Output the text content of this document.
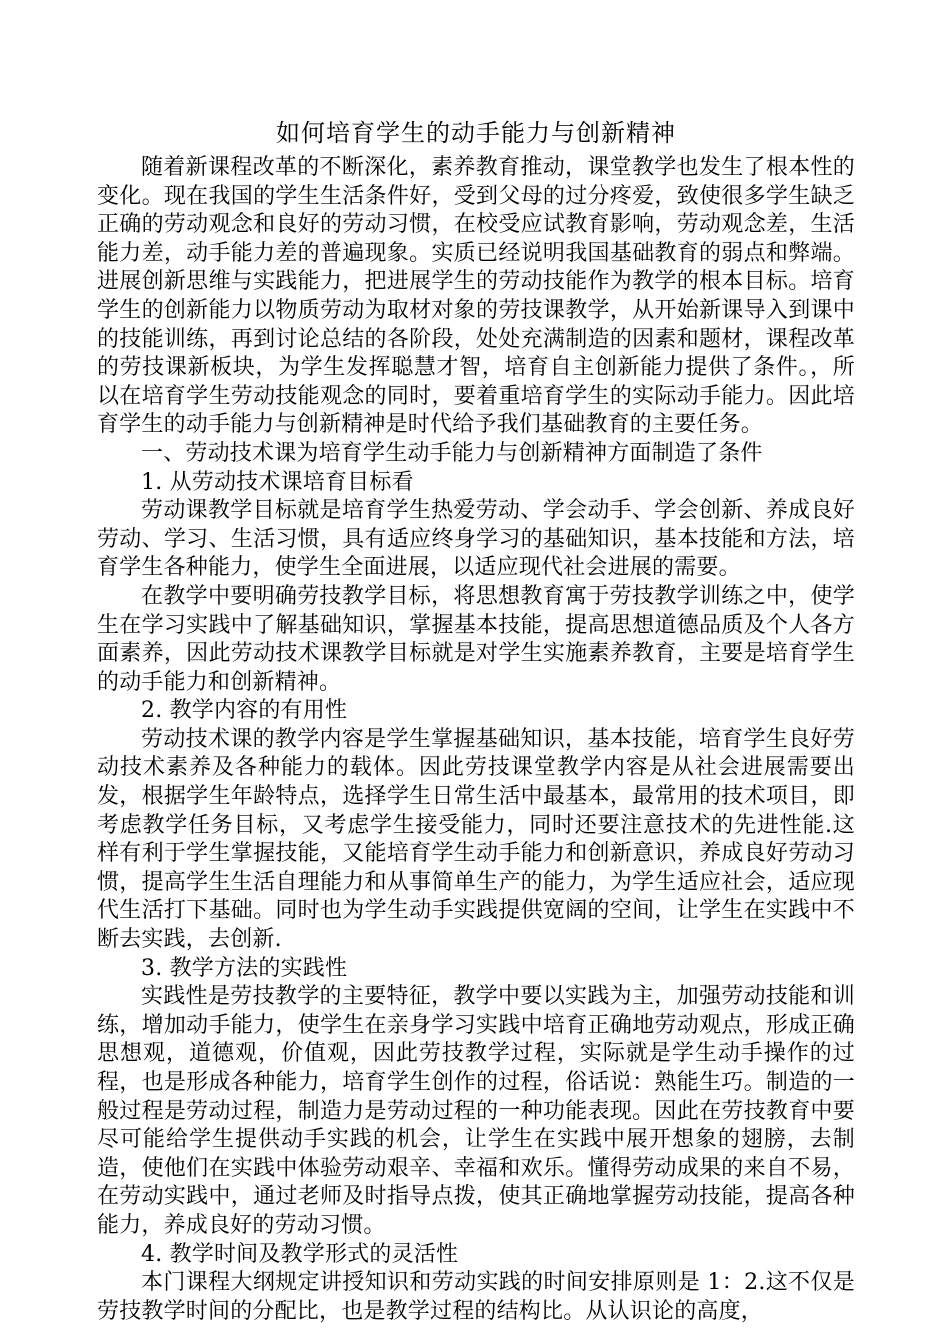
如何培育学生的动手能力与创新精神

随着新课程改革的不断深化，素养教育推动，课堂教学也发生了根本性的变化。现在我国的学生生活条件好，受到父母的过分疼爱，致使很多学生缺乏正确的劳动观念和良好的劳动习惯，在校受应试教育影响，劳动观念差，生活能力差，动手能力差的普遍现象。实质已经说明我国基础教育的弱点和弊端。进展创新思维与实践能力，把进展学生的劳动技能作为教学的根本目标。培育学生的创新能力以物质劳动为取材对象的劳技课教学，从开始新课导入到课中的技能训练，再到讨论总结的各阶段，处处充满制造的因素和题材，课程改革的劳技课新板块，为学生发挥聪慧才智，培育自主创新能力提供了条件。，所以在培育学生劳动技能观念的同时，要着重培育学生的实际动手能力。因此培育学生的动手能力与创新精神是时代给予我们基础教育的主要任务。

一、劳动技术课为培育学生动手能力与创新精神方面制造了条件

1. 从劳动技术课培育目标看

劳动课教学目标就是培育学生热爱劳动、学会动手、学会创新、养成良好劳动、学习、生活习惯，具有适应终身学习的基础知识，基本技能和方法，培育学生各种能力，使学生全面进展，以适应现代社会进展的需要。

在教学中要明确劳技教学目标，将思想教育寓于劳技教学训练之中，使学生在学习实践中了解基础知识，掌握基本技能，提高思想道德品质及个人各方面素养，因此劳动技术课教学目标就是对学生实施素养教育，主要是培育学生的动手能力和创新精神。

2. 教学内容的有用性

劳动技术课的教学内容是学生掌握基础知识，基本技能，培育学生良好劳动技术素养及各种能力的载体。因此劳技课堂教学内容是从社会进展需要出发，根据学生年龄特点，选择学生日常生活中最基本，最常用的技术项目，即考虑教学任务目标，又考虑学生接受能力，同时还要注意技术的先进性能.这样有利于学生掌握技能，又能培育学生动手能力和创新意识，养成良好劳动习惯，提高学生生活自理能力和从事简单生产的能力，为学生适应社会，适应现代生活打下基础。同时也为学生动手实践提供宽阔的空间，让学生在实践中不断去实践，去创新.

3. 教学方法的实践性

实践性是劳技教学的主要特征，教学中要以实践为主，加强劳动技能和训练，增加动手能力，使学生在亲身学习实践中培育正确地劳动观点，形成正确思想观，道德观，价值观，因此劳技教学过程，实际就是学生动手操作的过程，也是形成各种能力，培育学生创作的过程，俗话说：熟能生巧。制造的一般过程是劳动过程，制造力是劳动过程的一种功能表现。因此在劳技教育中要尽可能给学生提供动手实践的机会，让学生在实践中展开想象的翅膀，去制造，使他们在实践中体验劳动艰辛、幸福和欢乐。懂得劳动成果的来自不易，在劳动实践中，通过老师及时指导点拨，使其正确地掌握劳动技能，提高各种能力，养成良好的劳动习惯。

4. 教学时间及教学形式的灵活性

本门课程大纲规定讲授知识和劳动实践的时间安排原则是 1：2.这不仅是劳技教学时间的分配比，也是教学过程的结构比。从认识论的高度，
